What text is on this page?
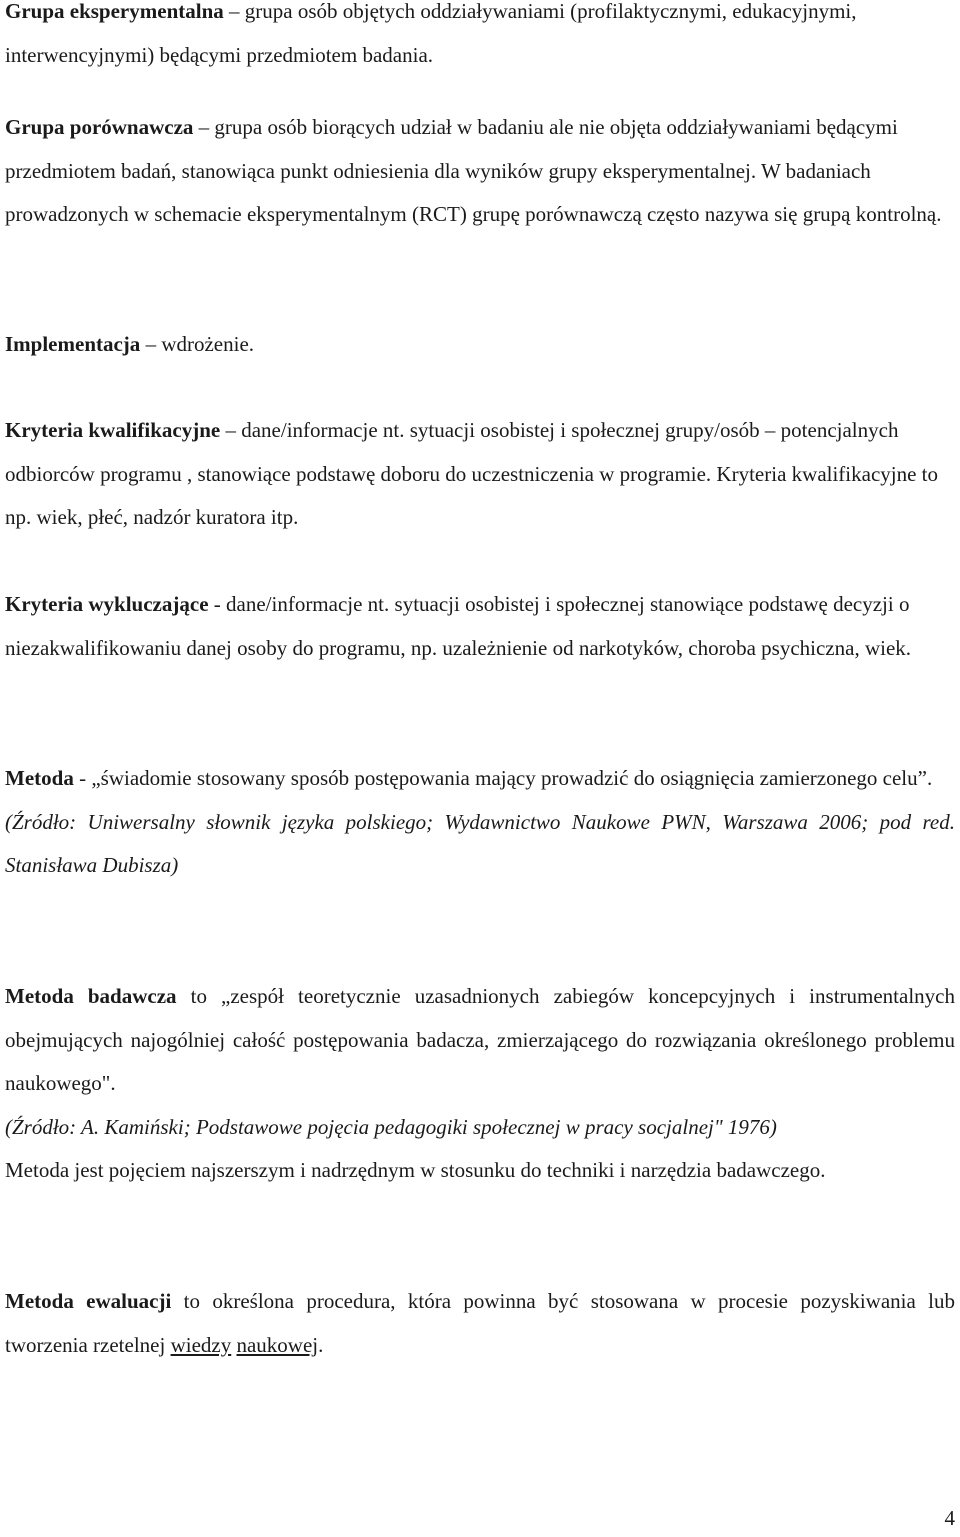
Grupa eksperymentalna – grupa osób objętych oddziaływaniami (profilaktycznymi, edukacyjnymi, interwencyjnymi) będącymi przedmiotem badania.

Grupa porównawcza – grupa osób biorących udział w badaniu ale nie objęta oddziaływaniami będącymi przedmiotem badań, stanowiąca punkt odniesienia dla wyników grupy eksperymentalnej. W badaniach prowadzonych w schemacie eksperymentalnym (RCT) grupę porównawczą często nazywa się grupą kontrolną.

Implementacja – wdrożenie.

Kryteria kwalifikacyjne – dane/informacje nt. sytuacji osobistej i społecznej grupy/osób – potencjalnych odbiorców programu , stanowiące podstawę doboru do uczestniczenia w programie. Kryteria kwalifikacyjne to np. wiek, płeć, nadzór kuratora itp.

Kryteria wykluczające - dane/informacje nt. sytuacji osobistej i społecznej stanowiące podstawę decyzji o niezakwalifikowaniu danej osoby do programu, np. uzależnienie od narkotyków, choroba psychiczna, wiek.

Metoda - „świadomie stosowany sposób postępowania mający prowadzić do osiągnięcia zamierzonego celu”.

(Źródło: Uniwersalny słownik języka polskiego; Wydawnictwo Naukowe PWN, Warszawa 2006; pod red. Stanisława Dubisza)

Metoda badawcza to „zespół teoretycznie uzasadnionych zabiegów koncepcyjnych i instrumentalnych obejmujących najogólniej całość postępowania badacza, zmierzającego do rozwiązania określonego problemu naukowego".

(Źródło: A. Kamiński; Podstawowe pojęcia pedagogiki społecznej w pracy socjalnej" 1976)

Metoda jest pojęciem najszerszym i nadrzędnym w stosunku do techniki i narzędzia badawczego.

Metoda ewaluacji to określona procedura, która powinna być stosowana w procesie pozyskiwania lub tworzenia rzetelnej wiedzy naukowej.

4
